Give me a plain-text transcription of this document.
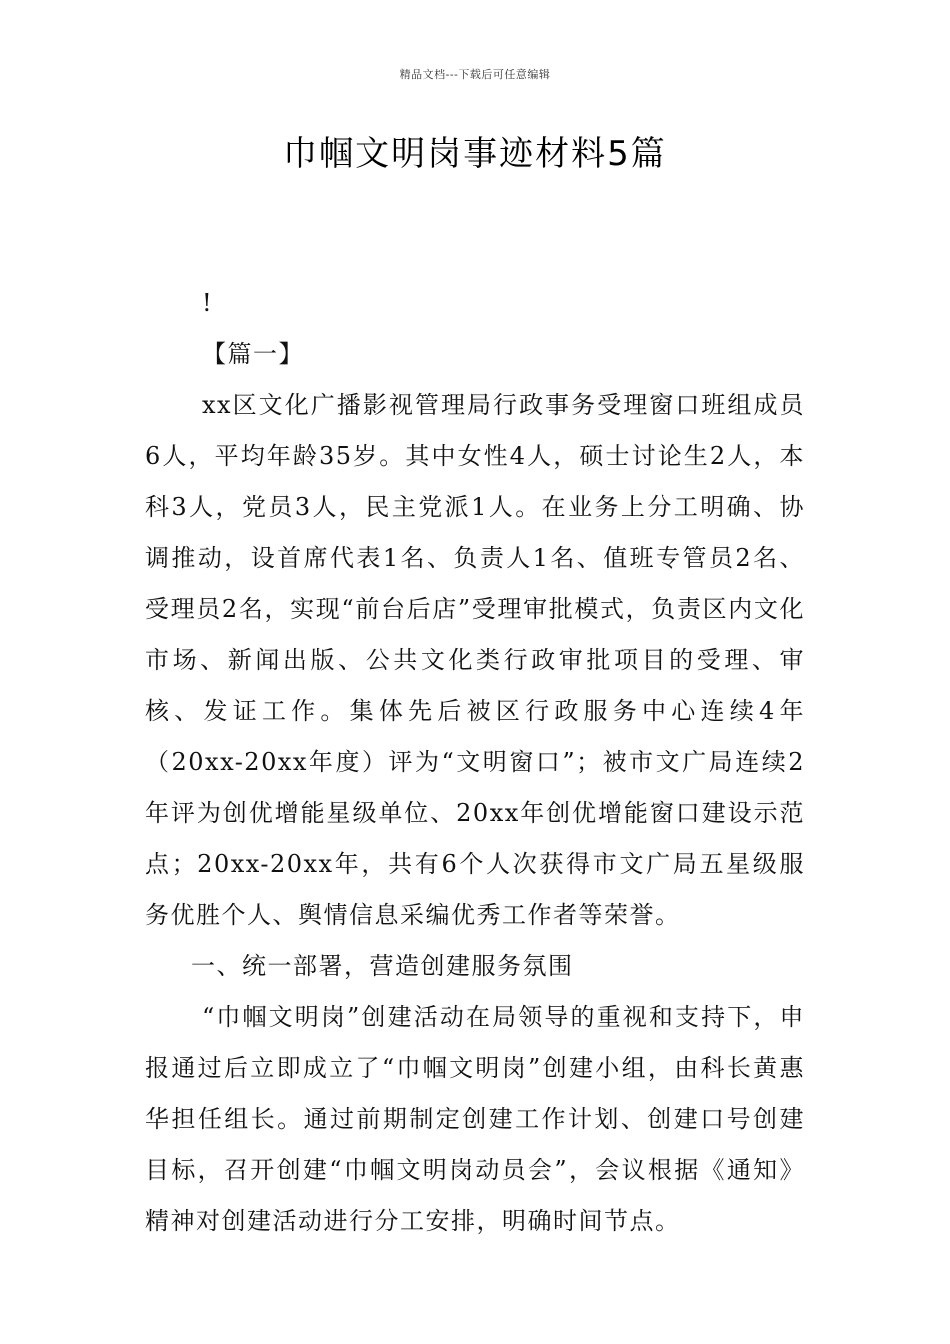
精品文档---下载后可任意编辑
巾帼文明岗事迹材料5篇

!

【篇一】

xx区文化广播影视管理局行政事务受理窗口班组成员6人，平均年龄35岁。其中女性4人，硕士讨论生2人，本科3人，党员3人，民主党派1人。在业务上分工明确、协调推动，设首席代表1名、负责人1名、值班专管员2名、受理员2名，实现“前台后店”受理审批模式，负责区内文化市场、新闻出版、公共文化类行政审批项目的受理、审核、发证工作。集体先后被区行政服务中心连续4年（20xx-20xx年度）评为“文明窗口”；被市文广局连续2年评为创优增能星级单位、20xx年创优增能窗口建设示范点；20xx-20xx年，共有6个人次获得市文广局五星级服务优胜个人、舆情信息采编优秀工作者等荣誉。

一、统一部署，营造创建服务氛围

“巾帼文明岗”创建活动在局领导的重视和支持下，申报通过后立即成立了“巾帼文明岗”创建小组，由科长黄惠华担任组长。通过前期制定创建工作计划、创建口号创建目标，召开创建“巾帼文明岗动员会”，会议根据《通知》精神对创建活动进行分工安排，明确时间节点。
